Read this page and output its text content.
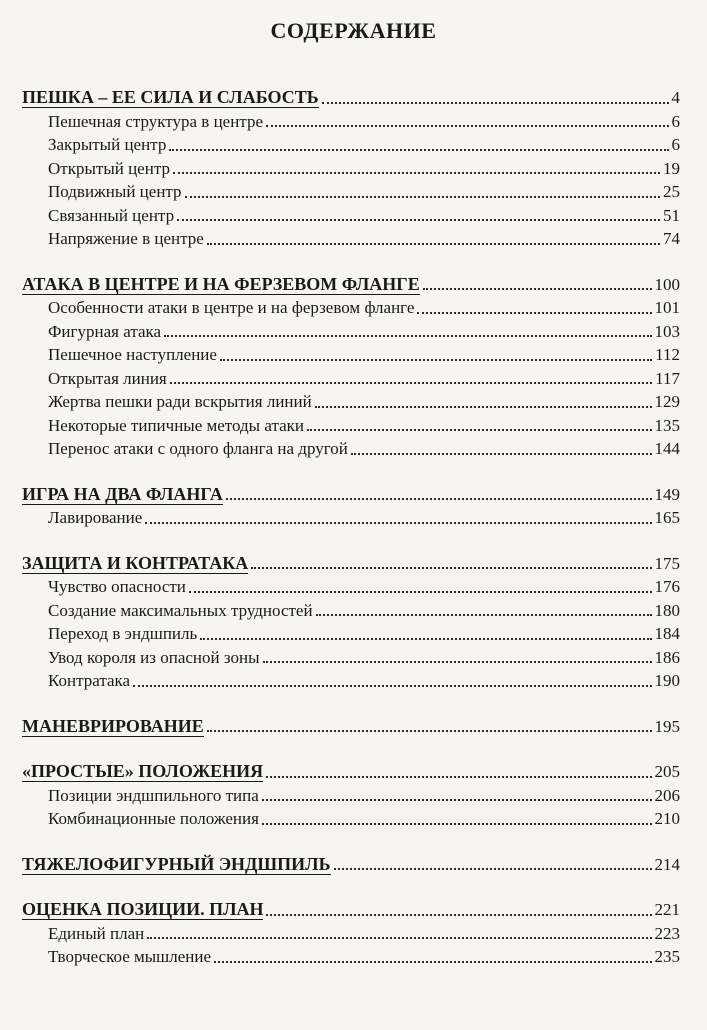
СОДЕРЖАНИЕ
ПЕШКА – ЕЕ СИЛА И СЛАБОСТЬ	4
Пешечная структура в центре	6
Закрытый центр	6
Открытый центр	19
Подвижный центр	25
Связанный центр	51
Напряжение в центре	74
АТАКА В ЦЕНТРЕ И НА ФЕРЗЕВОМ ФЛАНГЕ	100
Особенности атаки в центре и на ферзевом фланге	101
Фигурная атака	103
Пешечное наступление	112
Открытая линия	117
Жертва пешки ради вскрытия линий	129
Некоторые типичные методы атаки	135
Перенос атаки с одного фланга на другой	144
ИГРА НА ДВА ФЛАНГА	149
Лавирование	165
ЗАЩИТА И КОНТРАТАКА	175
Чувство опасности	176
Создание максимальных трудностей	180
Переход в эндшпиль	184
Увод короля из опасной зоны	186
Контратака	190
МАНЕВРИРОВАНИЕ	195
«ПРОСТЫЕ» ПОЛОЖЕНИЯ	205
Позиции эндшпильного типа	206
Комбинационные положения	210
ТЯЖЕЛОФИГУРНЫЙ ЭНДШПИЛЬ	214
ОЦЕНКА ПОЗИЦИИ. ПЛАН	221
Единый план	223
Творческое мышление	235
